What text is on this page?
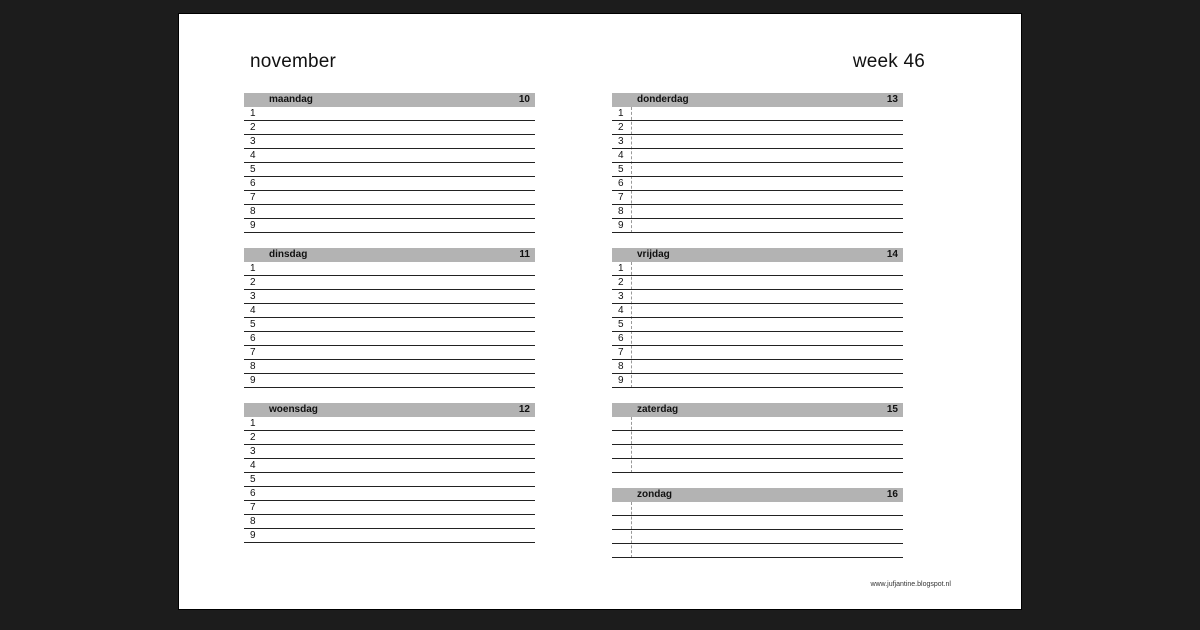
november	week 46
maandag	10
1
2
3
4
5
6
7
8
9
dinsdag	11
1
2
3
4
5
6
7
8
9
woensdag	12
1
2
3
4
5
6
7
8
9
donderdag	13
1
2
3
4
5
6
7
8
9
vrijdag	14
1
2
3
4
5
6
7
8
9
zaterdag	15
zondag	16
www.jufjantine.blogspot.nl
